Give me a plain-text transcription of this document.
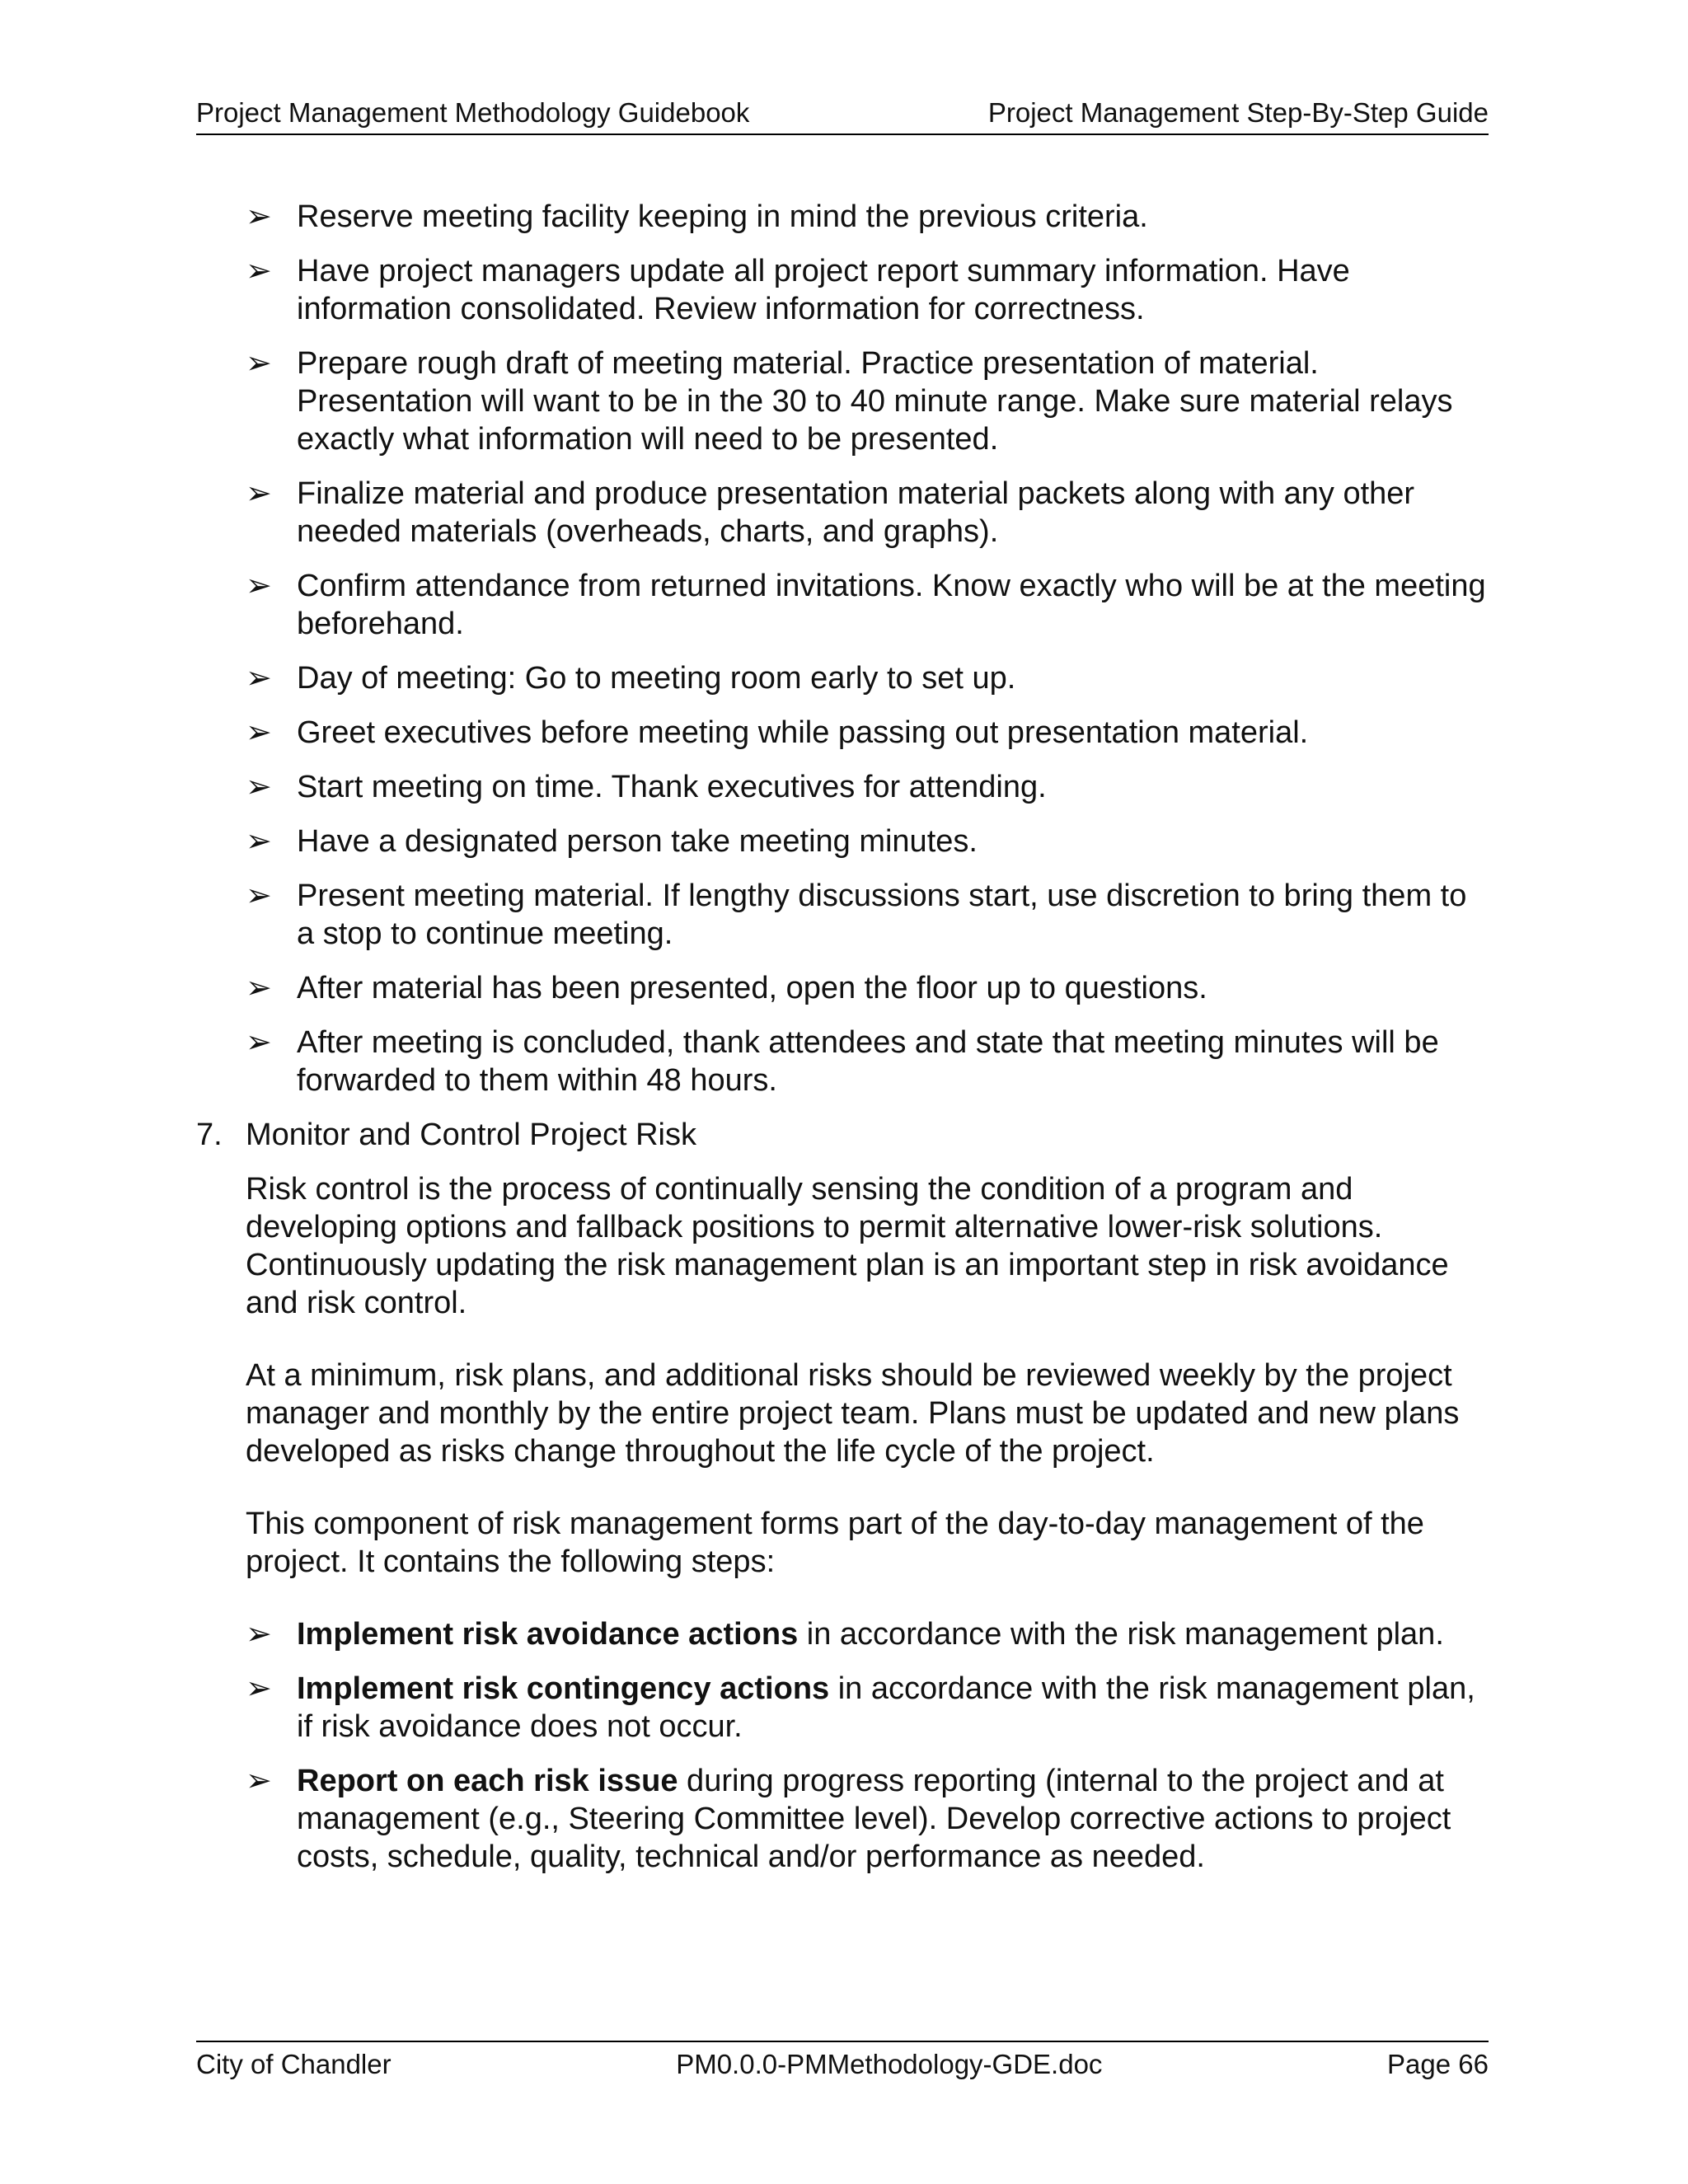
Project Management Methodology Guidebook	Project Management Step-By-Step Guide
➢ Reserve meeting facility keeping in mind the previous criteria.
➢ Have project managers update all project report summary information. Have information consolidated. Review information for correctness.
➢ Prepare rough draft of meeting material. Practice presentation of material. Presentation will want to be in the 30 to 40 minute range. Make sure material relays exactly what information will need to be presented.
➢ Finalize material and produce presentation material packets along with any other needed materials (overheads, charts, and graphs).
➢ Confirm attendance from returned invitations. Know exactly who will be at the meeting beforehand.
➢ Day of meeting: Go to meeting room early to set up.
➢ Greet executives before meeting while passing out presentation material.
➢ Start meeting on time. Thank executives for attending.
➢ Have a designated person take meeting minutes.
➢ Present meeting material. If lengthy discussions start, use discretion to bring them to a stop to continue meeting.
➢ After material has been presented, open the floor up to questions.
➢ After meeting is concluded, thank attendees and state that meeting minutes will be forwarded to them within 48 hours.
7. Monitor and Control Project Risk
Risk control is the process of continually sensing the condition of a program and developing options and fallback positions to permit alternative lower-risk solutions. Continuously updating the risk management plan is an important step in risk avoidance and risk control.
At a minimum, risk plans, and additional risks should be reviewed weekly by the project manager and monthly by the entire project team. Plans must be updated and new plans developed as risks change throughout the life cycle of the project.
This component of risk management forms part of the day-to-day management of the project. It contains the following steps:
➢ Implement risk avoidance actions in accordance with the risk management plan.
➢ Implement risk contingency actions in accordance with the risk management plan, if risk avoidance does not occur.
➢ Report on each risk issue during progress reporting (internal to the project and at management (e.g., Steering Committee level). Develop corrective actions to project costs, schedule, quality, technical and/or performance as needed.
City of Chandler	PM0.0.0-PMMethodology-GDE.doc	Page 66
